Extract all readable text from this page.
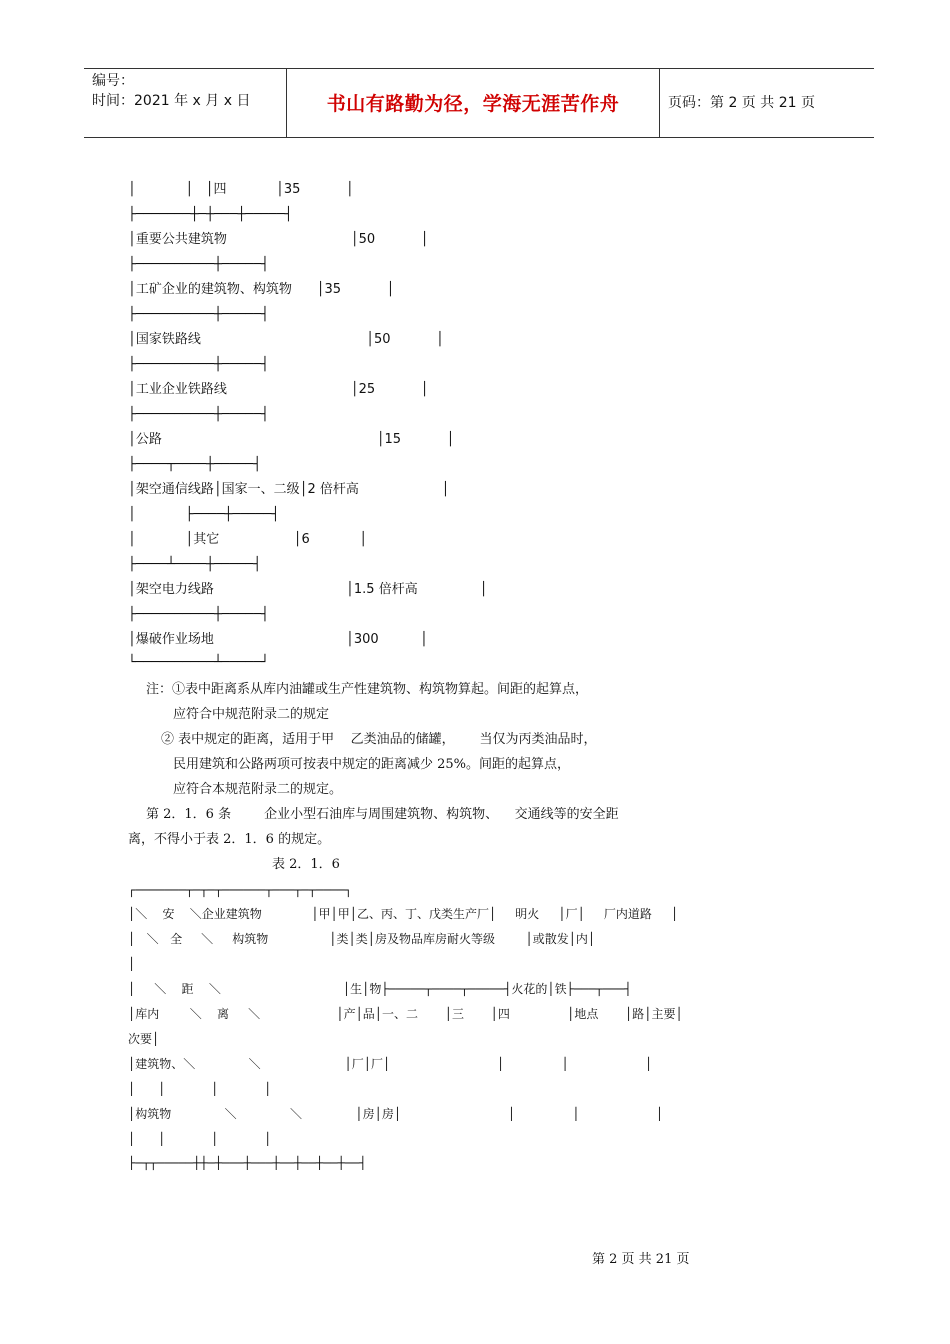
编号：
时间：2021 年 x 月 x 日	书山有路勤为径，学海无涯苦作舟	页码：第 2 页 共 21 页
│            │   │四            │35           │
├───────┼─┼───┼─────┤
│重要公共建筑物                              │50           │
├──────────┼─────┤
│工矿企业的建筑物、构筑物      │35           │
├──────────┼─────┤
│国家铁路线                                        │50           │
├──────────┼─────┤
│工业企业铁路线                              │25           │
├──────────┼─────┤
│公路                                                    │15           │
├────┬────┼─────┤
│架空通信线路│国家一、二级│2 倍杆高                    │
│            ├────┼─────┤
│            │其它                  │6            │
├────┴────┼─────┤
│架空电力线路                                │1.5 倍杆高               │
├──────────┼─────┤
│爆破作业场地                                │300          │
└──────────┴─────┘
注：①表中距离系从库内油罐或生产性建筑物、构筑物算起。间距的起算点，
应符合中规范附录二的规定
② 表中规定的距离，适用于甲    乙类油品的储罐，      当仅为丙类油品时，
民用建筑和公路两项可按表中规定的距离减少 25%。间距的起算点，
应符合本规范附录二的规定。
第 2．1．6 条        企业小型石油库与周围建筑物、构筑物、    交通线等的安全距
离，不得小于表 2．1．6 的规定。
表 2．1．6
┌───────┬─┬─┬──────┬───┬─┬────┐
│＼    安    ＼企业建筑物             │甲│甲│乙、丙、丁、戊类生产厂│     明火     │厂│     厂内道路     │
│   ＼   全     ＼     构筑物                │类│类│房及物品库房耐火等级        │或散发│内│
│
│     ＼    距    ＼                                │生│物├─────┬────┬─────┤火花的│铁├───┬───┤
│库内        ＼    离     ＼                    │产│品│一、二       │三       │四               │地点       │路│主要│
次要│
│建筑物、＼              ＼                      │厂│厂│                            │               │                    │
│      │            │            │
│构筑物              ＼              ＼              │房│房│                            │               │                    │
│      │            │            │
├─┬┬─────┼┼─┼───┼───┼──┼──┼──┼──┤
第 2 页 共 21 页
